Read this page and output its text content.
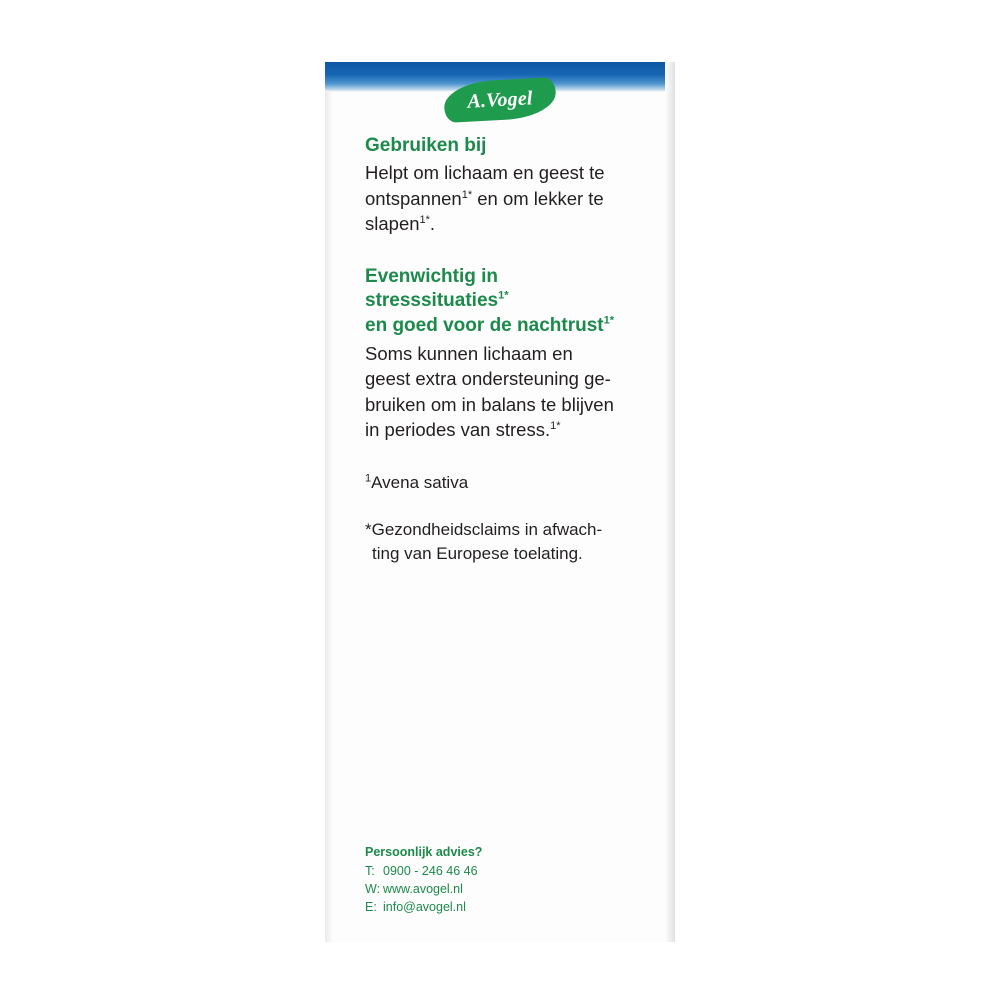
A.Vogel

Gebruiken bij

Helpt om lichaam en geest te
ontspannen$^{1*}$ en om lekker te
slapen$^{1*}$.

Evenwichtig in stresssituaties$^{1*}$

en goed voor de nachtrust$^{1*}$

Soms kunnen lichaam en
geest extra ondersteuning ge-
bruiken om in balans te blijven
in periodes van stress.$^{1*}$

$^1$Avena sativa

*Gezondheidsclaims in afwach-
ting van Europese toelating.

Persoonlijk advies?
T: 0900 - 246 46 46
W: www.avogel.nl
E: info@avogel.nl
